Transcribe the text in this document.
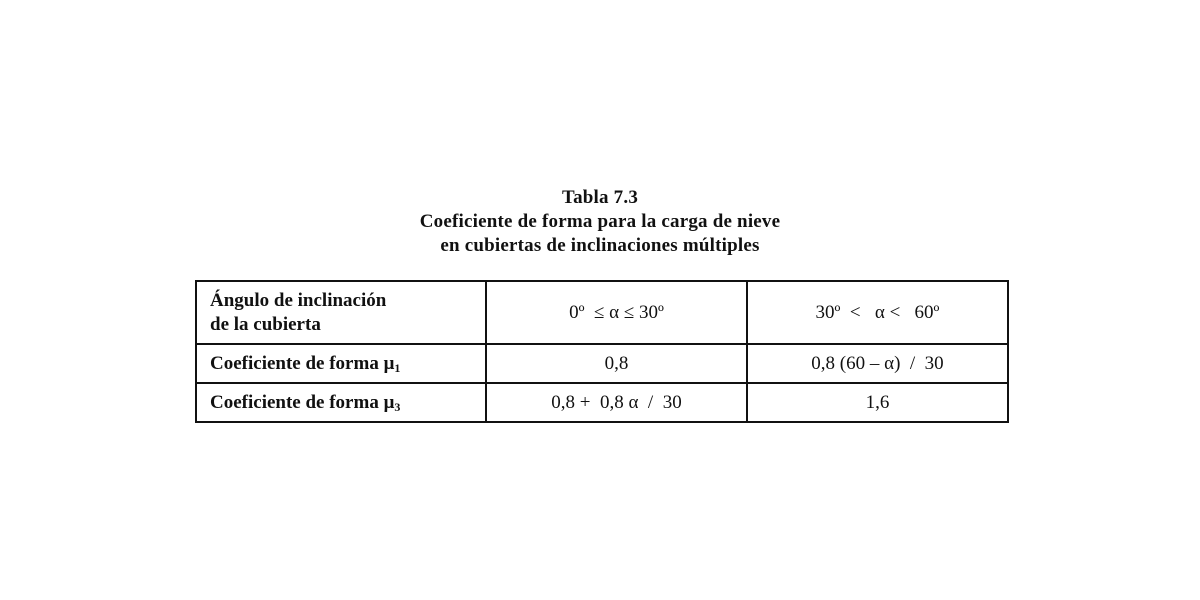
Tabla 7.3
Coeficiente de forma para la carga de nieve
en cubiertas de inclinaciones múltiples
Ángulo de inclinación
de la cubierta	0º  ≤ α ≤ 30º	30º  <   α <   60º
Coeficiente de forma $\mu_1$	0,8	0,8 (60 – α)  /  30
Coeficiente de forma $\mu_3$	0,8 +  0,8 α  /  30	1,6
